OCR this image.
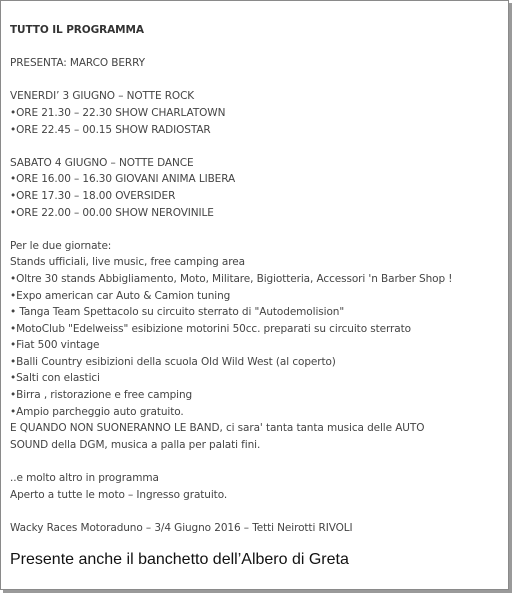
TUTTO IL PROGRAMMA
PRESENTA: MARCO BERRY
VENERDI’ 3 GIUGNO – NOTTE ROCK
•ORE 21.30 – 22.30 SHOW CHARLATOWN
•ORE 22.45 – 00.15 SHOW RADIOSTAR
SABATO 4 GIUGNO – NOTTE DANCE
•ORE 16.00 – 16.30 GIOVANI ANIMA LIBERA
•ORE 17.30 – 18.00 OVERSIDER
•ORE 22.00 – 00.00 SHOW NEROVINILE
Per le due giornate:
Stands ufficiali, live music, free camping area
•Oltre 30 stands Abbigliamento, Moto, Militare, Bigiotteria, Accessori 'n Barber Shop !
•Expo american car Auto & Camion tuning
• Tanga Team Spettacolo su circuito sterrato di "Autodemolision"
•MotoClub "Edelweiss" esibizione motorini 50cc. preparati su circuito sterrato
•Fiat 500 vintage
•Balli Country esibizioni della scuola Old Wild West (al coperto)
•Salti con elastici
•Birra , ristorazione e free camping
•Ampio parcheggio auto gratuito.
E QUANDO NON SUONERANNO LE BAND, ci sara' tanta tanta musica delle AUTO
SOUND della DGM, musica a palla per palati fini.
..e molto altro in programma
Aperto a tutte le moto – Ingresso gratuito.
Wacky Races Motoraduno – 3/4 Giugno 2016 – Tetti Neirotti RIVOLI
Presente anche il banchetto dell’Albero di Greta
